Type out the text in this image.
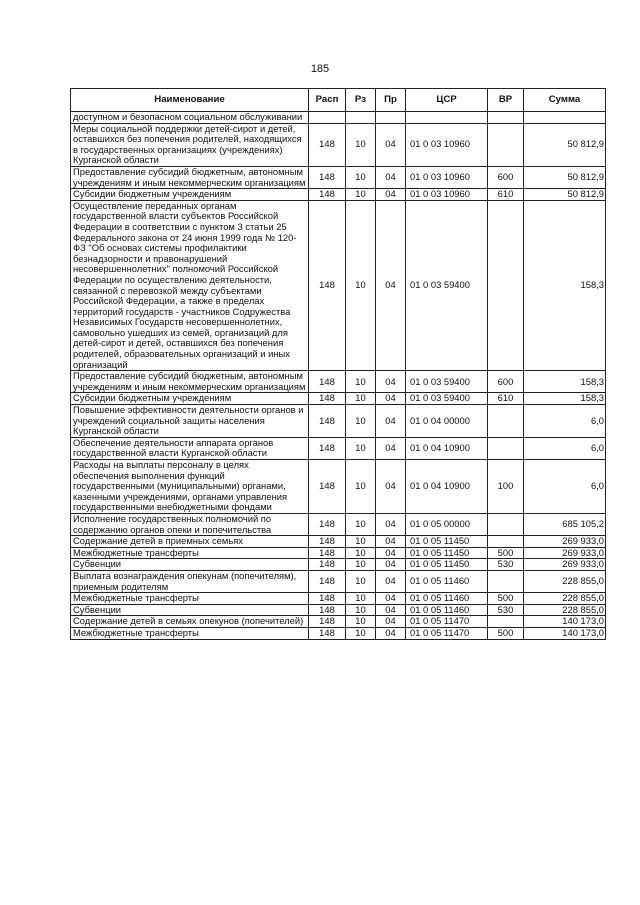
185
Наименование	Расп	Рз	Пр	ЦСР	ВР	Сумма
доступном и безопасном социальном обслуживании						
Меры социальной поддержки детей-сирот и детей, оставшихся без попечения родителей, находящихся в государственных организациях (учреждениях) Курганской области	148	10	04	01 0 03 10960		50 812,9
Предоставление субсидий бюджетным, автономным учреждениям и иным некоммерческим организациям	148	10	04	01 0 03 10960	600	50 812,9
Субсидии бюджетным учреждениям	148	10	04	01 0 03 10960	610	50 812,9
Осуществление переданных органам государственной власти субъектов Российской Федерации в соответствии с пунктом 3 статьи 25 Федерального закона от 24 июня 1999 года № 120-ФЗ "Об основах системы профилактики безнадзорности и правонарушений несовершеннолетних" полномочий Российской Федерации по осуществлению деятельности, связанной с перевозкой между субъектами Российской Федерации, а также в пределах территорий государств - участников Содружества Независимых Государств несовершеннолетних, самовольно ушедших из семей, организаций для детей-сирот и детей, оставшихся без попечения родителей, образовательных организаций и иных организаций	148	10	04	01 0 03 59400		158,3
Предоставление субсидий бюджетным, автономным учреждениям и иным некоммерческим организациям	148	10	04	01 0 03 59400	600	158,3
Субсидии бюджетным учреждениям	148	10	04	01 0 03 59400	610	158,3
Повышение эффективности деятельности органов и учреждений социальной защиты населения Курганской области	148	10	04	01 0 04 00000		6,0
Обеспечение деятельности аппарата органов государственной власти Курганской области	148	10	04	01 0 04 10900		6,0
Расходы на выплаты персоналу в целях обеспечения выполнения функций государственными (муниципальными) органами, казенными учреждениями, органами управления государственными внебюджетными фондами	148	10	04	01 0 04 10900	100	6,0
Исполнение государственных полномочий по содержанию органов опеки и попечительства	148	10	04	01 0 05 00000		685 105,2
Содержание детей в приемных семьях	148	10	04	01 0 05 11450		269 933,0
Межбюджетные трансферты	148	10	04	01 0 05 11450	500	269 933,0
Субвенции	148	10	04	01 0 05 11450	530	269 933,0
Выплата вознаграждения опекунам (попечителям), приемным родителям	148	10	04	01 0 05 11460		228 855,0
Межбюджетные трансферты	148	10	04	01 0 05 11460	500	228 855,0
Субвенции	148	10	04	01 0 05 11460	530	228 855,0
Содержание детей в семьях опекунов (попечителей)	148	10	04	01 0 05 11470		140 173,0
Межбюджетные трансферты	148	10	04	01 0 05 11470	500	140 173,0
